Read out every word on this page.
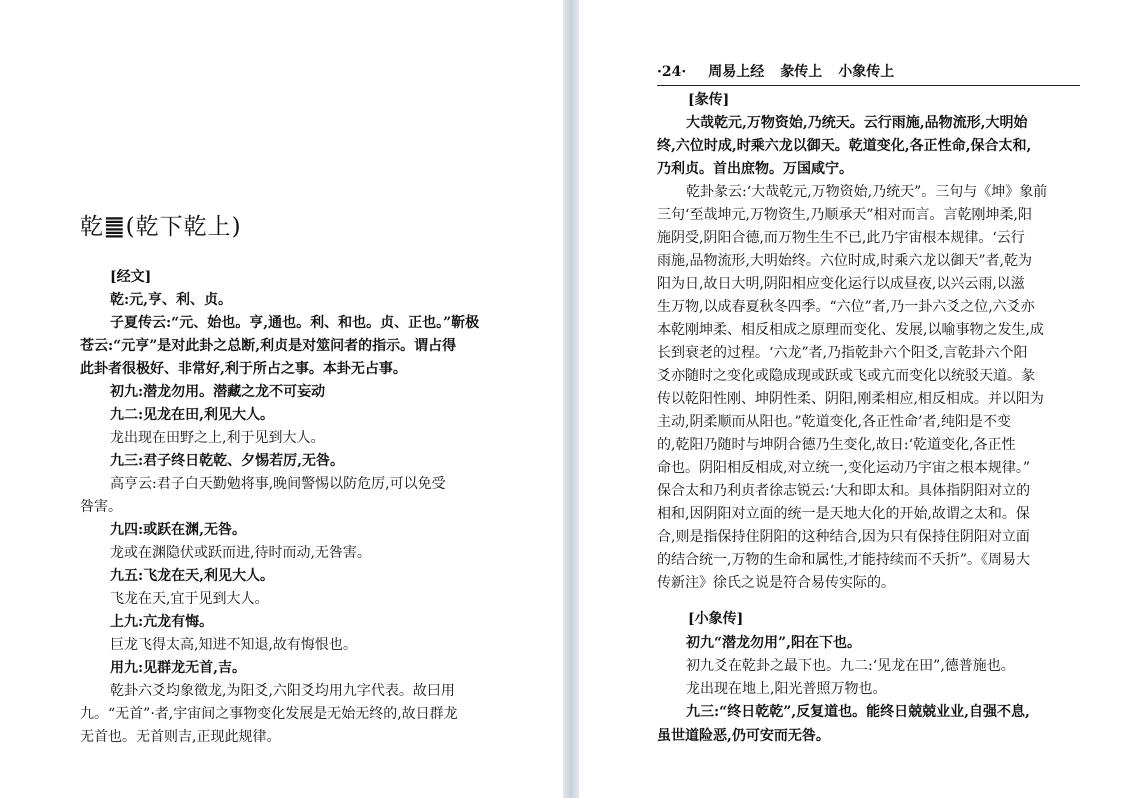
乾䷀(乾下乾上)
·24· 周易上经 彖传上 小象传上
[经文]
乾:元,亨、利、贞。
子夏传云:“元、始也。亨,通也。利、和也。贞、正也。”靳极
苍云:“元亨”是对此卦之总断,利贞是对筮问者的指示。谓占得
此卦者很极好、非常好,利于所占之事。本卦无占事。
初九:潜龙勿用。潜藏之龙不可妄动
九二:见龙在田,利见大人。
龙出现在田野之上,利于见到大人。
九三:君子终日乾乾、夕惕若厉,无咎。
高亨云:君子白天勤勉将事,晚间警惕以防危厉,可以免受
咎害。
九四:或跃在渊,无咎。
龙或在渊隐伏或跃而进,待时而动,无咎害。
九五:飞龙在天,利见大人。
飞龙在天,宜于见到大人。
上九:亢龙有悔。
巨龙飞得太高,知进不知退,故有悔恨也。
用九:见群龙无首,吉。
乾卦六爻均象徵龙,为阳爻,六阳爻均用九字代表。故曰用
九。“无首”·者,宇宙间之事物变化发展是无始无终的,故日群龙
无首也。无首则吉,正现此规律。
[彖传]
大哉乾元,万物资始,乃统天。云行雨施,品物流形,大明始
终,六位时成,时乘六龙以御天。乾道变化,各正性命,保合太和,
乃利贞。首出庶物。万国咸宁。
乾卦彖云:‘大哉乾元,万物资始,乃统天”。三句与《坤》象前
三句‘至哉坤元,万物资生,乃顺承天”相对而言。言乾刚坤柔,阳
施阴受,阴阳合德,而万物生生不已,此乃宇宙根本规律。‘云行
雨施,品物流形,大明始终。六位时成,时乘六龙以御天”者,乾为
阳为日,故日大明,阴阳相应变化运行以成昼夜,以兴云雨,以滋
生万物,以成春夏秋冬四季。“六位”者,乃一卦六爻之位,六爻亦
本乾刚坤柔、相反相成之原理而变化、发展,以喻事物之发生,成
长到衰老的过程。‘六龙”者,乃指乾卦六个阳爻,言乾卦六个阳
爻亦随时之变化或隐成现或跃或飞或亢而变化以统驳天道。彖
传以乾阳性刚、坤阴性柔、阴阳,刚柔相应,相反相成。并以阳为
主动,阴柔顺而从阳也。”乾道变化,各正性命’者,纯阳是不变
的,乾阳乃随时与坤阴合德乃生变化,故日:‘乾道变化,各正性
命也。阴阳相反相成,对立统一,变化运动乃宇宙之根本规律。”
保合太和乃利贞者徐志锐云:‘大和即太和。具体指阴阳对立的
相和,因阴阳对立面的统一是天地大化的开始,故谓之太和。保
合,则是指保持住阴阳的这种结合,因为只有保持住阴阳对立面
的结合统一,万物的生命和属性,才能持续而不夭折”。《周易大
传新注》徐氏之说是符合易传实际的。
[小象传]
初九“潜龙勿用”,阳在下也。
初九爻在乾卦之最下也。九二:‘见龙在田”,德普施也。
龙出现在地上,阳光普照万物也。
九三:“终日乾乾”,反复道也。能终日兢兢业业,自强不息,
虽世道险恶,仍可安而无咎。
